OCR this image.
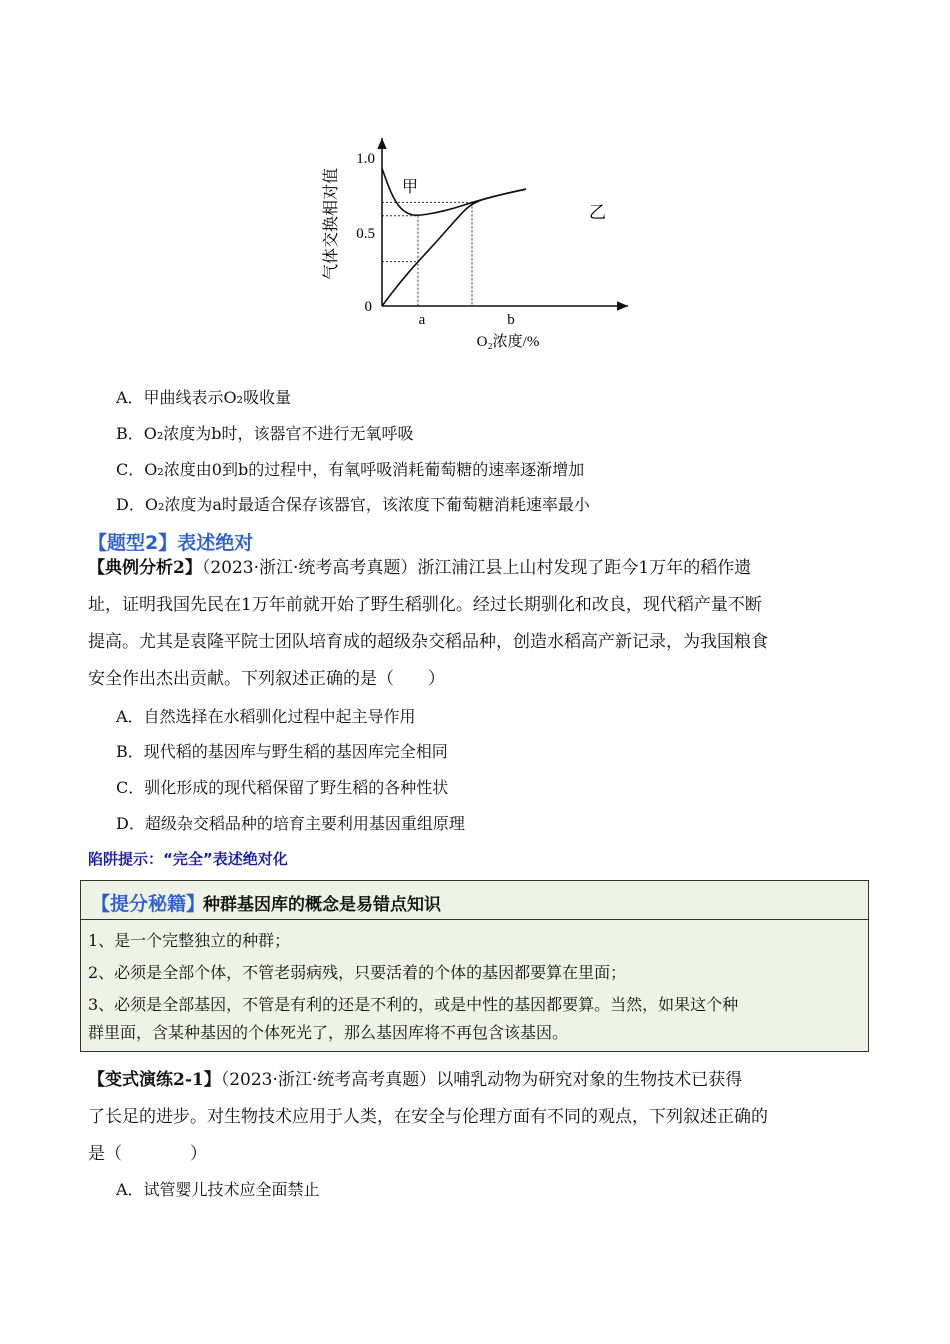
1.0
0.5
0
a	b
O₂浓度/%
气体交换相对值	甲
乙
A．甲曲线表示O₂吸收量
B．O₂浓度为b时，该器官不进行无氧呼吸
C．O₂浓度由0到b的过程中，有氧呼吸消耗葡萄糖的速率逐渐增加
D．O₂浓度为a时最适合保存该器官，该浓度下葡萄糖消耗速率最小
【题型2】表述绝对
【典例分析2】（2023·浙江·统考高考真题）浙江浦江县上山村发现了距今1万年的稻作遗
址，证明我国先民在1万年前就开始了野生稻驯化。经过长期驯化和改良，现代稻产量不断
提高。尤其是袁隆平院士团队培育成的超级杂交稻品种，创造水稻高产新记录，为我国粮食
安全作出杰出贡献。下列叙述正确的是（　　）
A．自然选择在水稻驯化过程中起主导作用
B．现代稻的基因库与野生稻的基因库完全相同
C．驯化形成的现代稻保留了野生稻的各种性状
D．超级杂交稻品种的培育主要利用基因重组原理
陷阱提示：“完全”表述绝对化
【提分秘籍】
种群基因库的概念是易错点知识
1、是一个完整独立的种群；
2、必须是全部个体，不管老弱病残，只要活着的个体的基因都要算在里面；
3、必须是全部基因，不管是有利的还是不利的，或是中性的基因都要算。当然，如果这个种
群里面，含某种基因的个体死光了，那么基因库将不再包含该基因。
【变式演练2-1】（2023·浙江·统考高考真题）以哺乳动物为研究对象的生物技术已获得
了长足的进步。对生物技术应用于人类，在安全与伦理方面有不同的观点，下列叙述正确的
是（　　　　）
A．试管婴儿技术应全面禁止
